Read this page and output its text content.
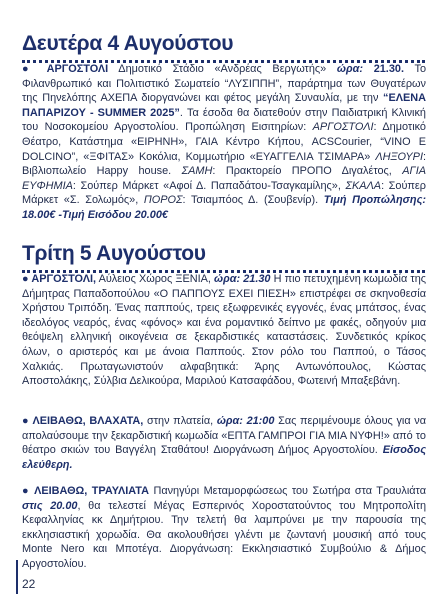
Δευτέρα 4 Αυγούστου

● ΑΡΓΟΣΤΟΛΙ Δημοτικό Στάδιο «Ανδρέας Βεργωτής» ώρα: 21.30. Το Φιλανθρωπικό και Πολιτιστικό Σωματείο “ΛΥΣΙΠΠΗ”, παράρτημα των Θυγατέρων της Πηνελόπης ΑΧΕΠΑ διοργανώνει και φέτος μεγάλη Συναυλία, με την “ΕΛΕΝΑ ΠΑΠΑΡΙΖΟΥ - SUMMER 2025”. Τα έσοδα θα διατεθούν στην Παιδιατρική Κλινική του Νοσοκομείου Αργοστολίου. Προπώληση Εισιτηρίων: ΑΡΓΟΣΤΟΛΙ: Δημοτικό Θέατρο, Κατάστημα «ΕΙΡΗΝΗ», ΓΑΙΑ Κέντρο Κήπου, ACSCourier, “VINO E DOLCINO”, «ΞΦΙΤΑΣ» Κοκόλια, Κομμωτήριο «ΕΥΑΓΓΕΛΙΑ ΤΣΙΜΑΡΑ» ΛΗΞΟΥΡΙ: Βιβλιοπωλείο Happy house. ΣΑΜΗ: Πρακτορείο ΠΡΟΠΟ Διγαλέτος, ΑΓΙΑ ΕΥΦΗΜΙΑ: Σούπερ Μάρκετ «Αφοί Δ. Παπαδάτου-Τσαγκαμίλης», ΣΚΑΛΑ: Σούπερ Μάρκετ «Σ. Σολωμός», ΠΟΡΟΣ: Τσιαμπόος Δ. (Σουβενίρ). Τιμή Προπώλησης: 18.00€ -Τιμή Εισόδου 20.00€

Τρίτη 5 Αυγούστου

● ΑΡΓΟΣΤΟΛΙ, Αύλειος Χώρος ΞΕΝΙΑ, ώρα: 21.30 Η πιο πετυχημένη κωμωδία της Δήμητρας Παπαδοπούλου «Ο ΠΑΠΠΟΥΣ ΕΧΕΙ ΠΙΕΣΗ» επιστρέφει σε σκηνοθεσία Χρήστου Τριπόδη. Ένας παππούς, τρεις εξωφρενικές εγγονές, ένας μπάτσος, ένας ιδεολόγος νεαρός, ένας «φόνος» και ένα ρομαντικό δείπνο με φακές, οδηγούν μια θεόψελη ελληνική οικογένεια σε ξεκαρδιστικές καταστάσεις. Συνδετικός κρίκος όλων, ο αριστερός και με άνοια Παππούς. Στον ρόλο του Παππού, ο Τάσος Χαλκιάς. Πρωταγωνιστούν αλφαβητικά: Άρης Αντωνόπουλος, Κώστας Αποστολάκης, Σύλβια Δελικούρα, Μαριλού Κατσαφάδου, Φωτεινή Μπαξεβάνη.

● ΛΕΙΒΑΘΩ, ΒΛΑΧΑΤΑ, στην πλατεία, ώρα: 21:00 Σας περιμένουμε όλους για να απολαύσουμε την ξεκαρδιστική κωμωδία «ΕΠΤΑ ΓΑΜΠΡΟΙ ΓΙΑ ΜΙΑ ΝΥΦΗ!» από το θέατρο σκιών του Βαγγέλη Σταθάτου! Διοργάνωση Δήμος Αργοστολίου. Είσοδος ελεύθερη.

● ΛΕΙΒΑΘΩ, ΤΡΑΥΛΙΑΤΑ Πανηγύρι Μεταμορφώσεως του Σωτήρα στα Τραυλιάτα στις 20.00, θα τελεστεί Μέγας Εσπερινός Χοροστατούντος του Μητροπολίτη Κεφαλληνίας κκ Δημήτριου. Την τελετή θα λαμπρύνει με την παρουσία της εκκλησιαστική χορωδία. Θα ακολουθήσει γλέντι με ζωντανή μουσική από τους Monte Nero και Μποτέγα. Διοργάνωση: Εκκλησιαστικό Συμβούλιο & Δήμος Αργοστολίου.

22
